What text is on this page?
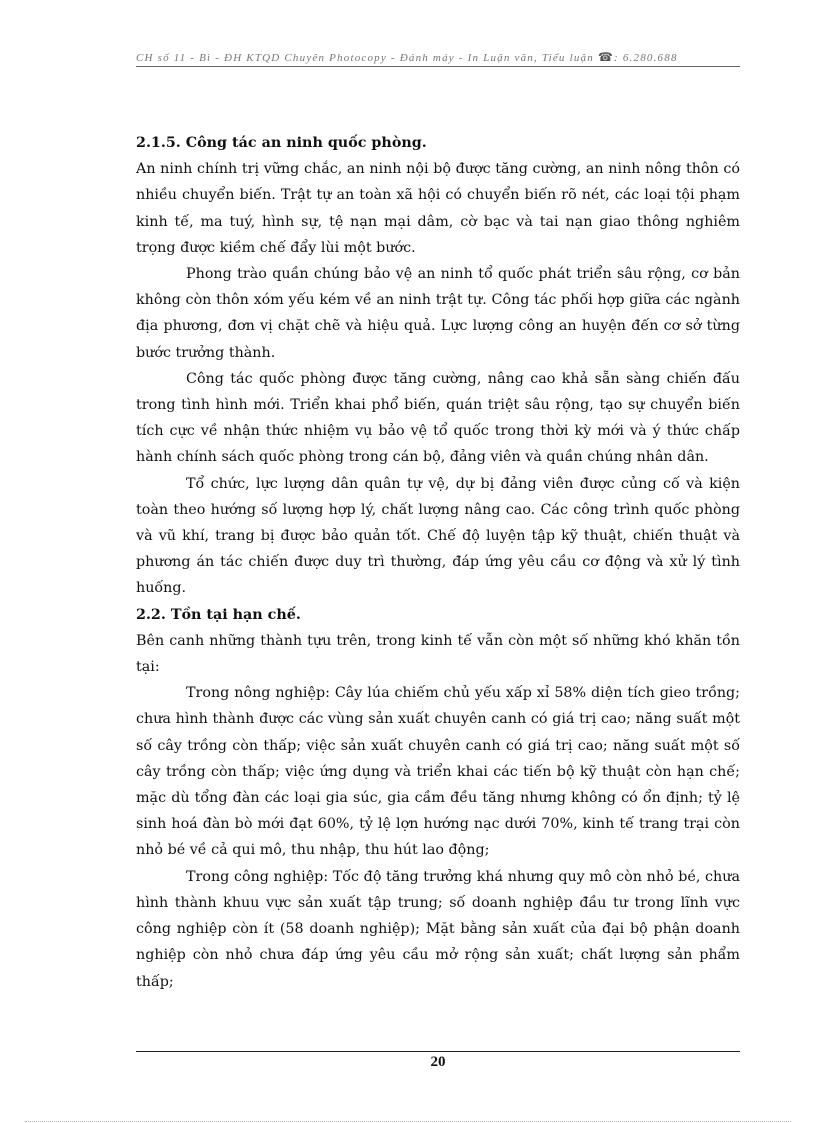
CH số 11 - Bì - ĐH KTQD Chuyên Photocopy - Đánh máy - In Luận văn, Tiểu luận ☎: 6.280.688

2.1.5. Công tác an ninh quốc phòng.

An ninh chính trị vững chắc, an ninh nội bộ được tăng cường, an ninh nông thôn có nhiều chuyển biến. Trật tự an toàn xã hội có chuyển biến rõ nét, các loại tội phạm kinh tế, ma tuý, hình sự, tệ nạn mại dâm, cờ bạc và tai nạn giao thông nghiêm trọng được kiềm chế đẩy lùi một bước.

Phong trào quần chúng bảo vệ an ninh tổ quốc phát triển sâu rộng, cơ bản không còn thôn xóm yếu kém về an ninh trật tự. Công tác phối hợp giữa các ngành địa phương, đơn vị chặt chẽ và hiệu quả. Lực lượng công an huyện đến cơ sở từng bước trưởng thành.

Công tác quốc phòng được tăng cường, nâng cao khả sẵn sàng chiến đấu trong tình hình mới. Triển khai phổ biến, quán triệt sâu rộng, tạo sự chuyển biến tích cực về nhận thức nhiệm vụ bảo vệ tổ quốc trong thời kỳ mới và ý thức chấp hành chính sách quốc phòng trong cán bộ, đảng viên và quần chúng nhân dân.

Tổ chức, lực lượng dân quân tự vệ, dự bị đảng viên được củng cố và kiện toàn theo hướng số lượng hợp lý, chất lượng nâng cao. Các công trình quốc phòng và vũ khí, trang bị được bảo quản tốt. Chế độ luyện tập kỹ thuật, chiến thuật và phương án tác chiến được duy trì thường, đáp ứng yêu cầu cơ động và xử lý tình huống.

2.2. Tồn tại hạn chế.

Bên canh những thành tựu trên, trong kinh tế vẫn còn một số những khó khăn tồn tại:

Trong nông nghiệp: Cây lúa chiếm chủ yếu xấp xỉ 58% diện tích gieo trồng; chưa hình thành được các vùng sản xuất chuyên canh có giá trị cao; năng suất một số cây trồng còn thấp; việc sản xuất chuyên canh có giá trị cao; năng suất một số cây trồng còn thấp; việc ứng dụng và triển khai các tiến bộ kỹ thuật còn hạn chế; mặc dù tổng đàn các loại gia súc, gia cầm đều tăng nhưng không có ổn định; tỷ lệ sinh hoá đàn bò mới đạt 60%, tỷ lệ lợn hướng nạc dưới 70%, kinh tế trang trại còn nhỏ bé về cả qui mô, thu nhập, thu hút lao động;

Trong công nghiệp: Tốc độ tăng trưởng khá nhưng quy mô còn nhỏ bé, chưa hình thành khuu vực sản xuất tập trung; số doanh nghiệp đầu tư trong lĩnh vực công nghiệp còn ít (58 doanh nghiệp); Mặt bằng sản xuất của đại bộ phận doanh nghiệp còn nhỏ chưa đáp ứng yêu cầu mở rộng sản xuất; chất lượng sản phẩm thấp;

20
